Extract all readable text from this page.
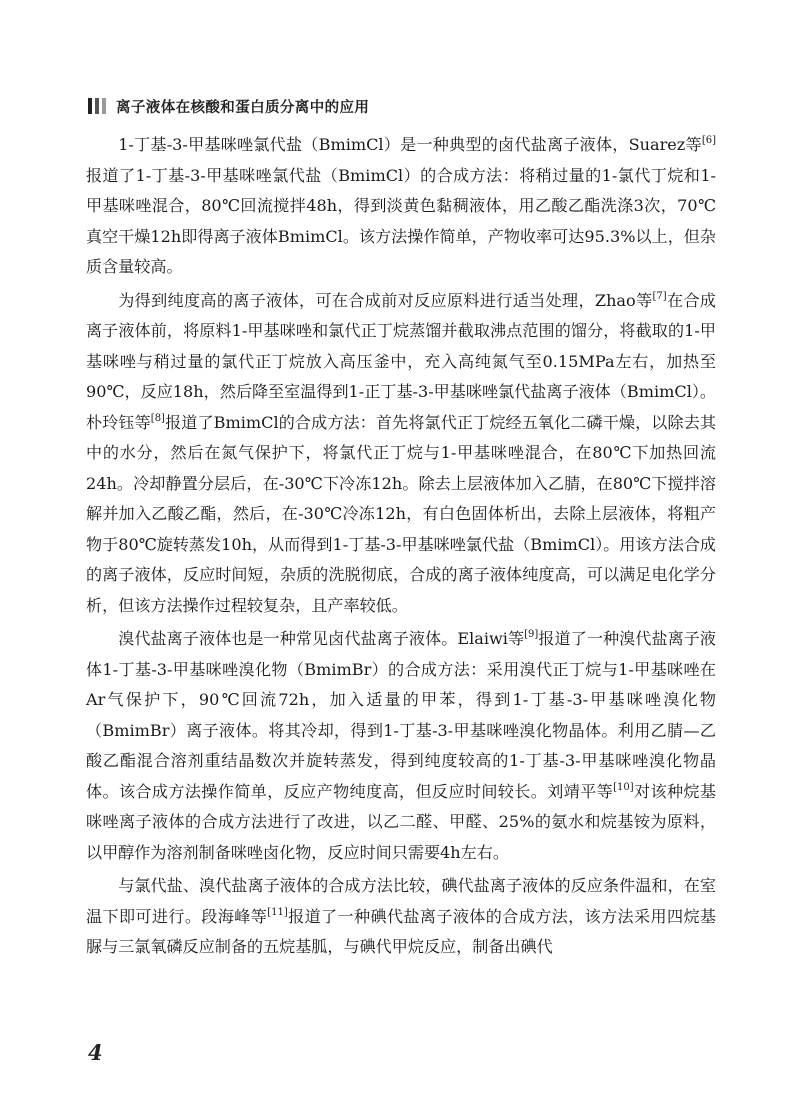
离子液体在核酸和蛋白质分离中的应用

1-丁基-3-甲基咪唑氯代盐（BmimCl）是一种典型的卤代盐离子液体，Suarez等[6]报道了1-丁基-3-甲基咪唑氯代盐（BmimCl）的合成方法：将稍过量的1-氯代丁烷和1-甲基咪唑混合，80℃回流搅拌48h，得到淡黄色黏稠液体，用乙酸乙酯洗涤3次，70℃真空干燥12h即得离子液体BmimCl。该方法操作简单，产物收率可达95.3%以上，但杂质含量较高。

为得到纯度高的离子液体，可在合成前对反应原料进行适当处理，Zhao等[7]在合成离子液体前，将原料1-甲基咪唑和氯代正丁烷蒸馏并截取沸点范围的馏分，将截取的1-甲基咪唑与稍过量的氯代正丁烷放入高压釜中，充入高纯氮气至0.15MPa左右，加热至90℃，反应18h，然后降至室温得到1-正丁基-3-甲基咪唑氯代盐离子液体（BmimCl）。朴玲钰等[8]报道了BmimCl的合成方法：首先将氯代正丁烷经五氧化二磷干燥，以除去其中的水分，然后在氮气保护下，将氯代正丁烷与1-甲基咪唑混合，在80℃下加热回流24h。冷却静置分层后，在-30℃下冷冻12h。除去上层液体加入乙腈，在80℃下搅拌溶解并加入乙酸乙酯，然后，在-30℃冷冻12h，有白色固体析出，去除上层液体，将粗产物于80℃旋转蒸发10h，从而得到1-丁基-3-甲基咪唑氯代盐（BmimCl）。用该方法合成的离子液体，反应时间短，杂质的洗脱彻底，合成的离子液体纯度高，可以满足电化学分析，但该方法操作过程较复杂，且产率较低。

溴代盐离子液体也是一种常见卤代盐离子液体。Elaiwi等[9]报道了一种溴代盐离子液体1-丁基-3-甲基咪唑溴化物（BmimBr）的合成方法：采用溴代正丁烷与1-甲基咪唑在Ar气保护下，90℃回流72h，加入适量的甲苯，得到1-丁基-3-甲基咪唑溴化物（BmimBr）离子液体。将其冷却，得到1-丁基-3-甲基咪唑溴化物晶体。利用乙腈—乙酸乙酯混合溶剂重结晶数次并旋转蒸发，得到纯度较高的1-丁基-3-甲基咪唑溴化物晶体。该合成方法操作简单，反应产物纯度高，但反应时间较长。刘靖平等[10]对该种烷基咪唑离子液体的合成方法进行了改进，以乙二醛、甲醛、25%的氨水和烷基铵为原料，以甲醇作为溶剂制备咪唑卤化物，反应时间只需要4h左右。

与氯代盐、溴代盐离子液体的合成方法比较，碘代盐离子液体的反应条件温和，在室温下即可进行。段海峰等[11]报道了一种碘代盐离子液体的合成方法，该方法采用四烷基脲与三氯氧磷反应制备的五烷基胍，与碘代甲烷反应，制备出碘代

4
